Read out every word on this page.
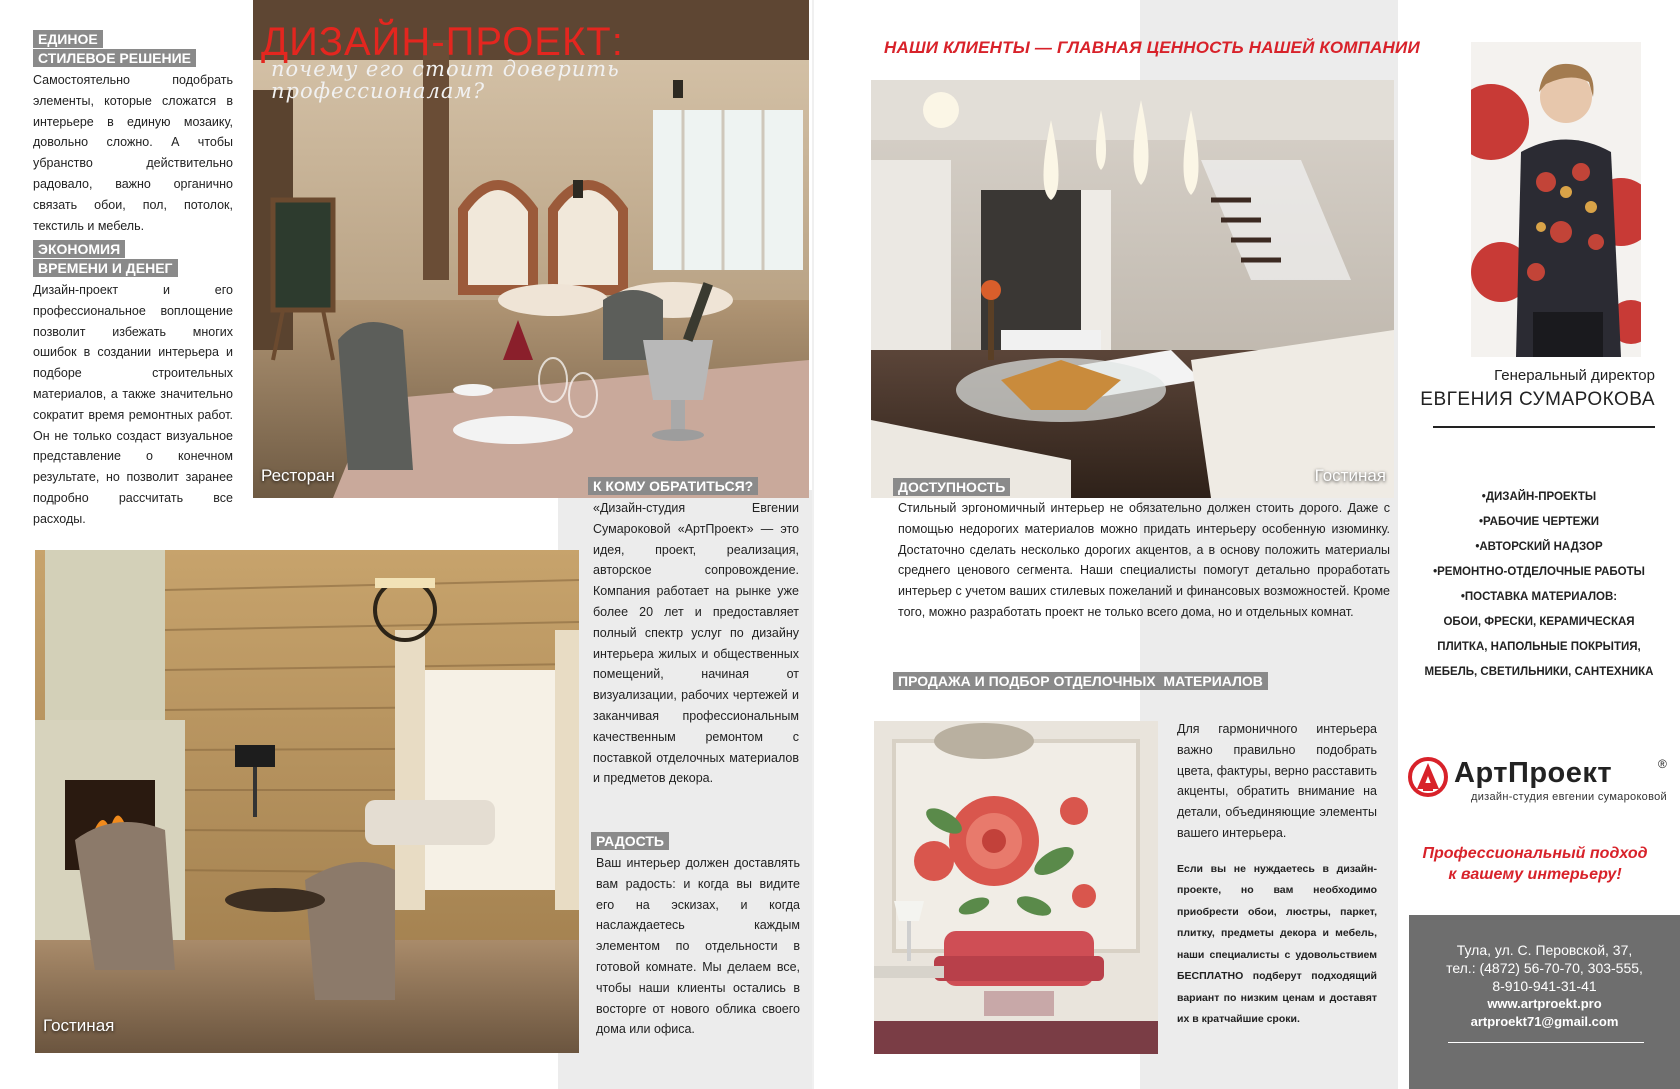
ЕДИНОЕ
СТИЛЕВОЕ РЕШЕНИЕ

Самостоятельно подобрать элементы, которые сложатся в интерьере в единую мозаику, довольно сложно. А чтобы убранство действительно радовало, важно органично связать обои, пол, потолок, текстиль и мебель.

ЭКОНОМИЯ
ВРЕМЕНИ И ДЕНЕГ

Дизайн-проект и его профессиональное воплощение позволит избежать многих ошибок в создании интерьера и подборе строительных материалов, а также значительно сократит время ремонтных работ. Он не только создаст визуальное представление о конечном результате, но позволит заранее подробно рассчитать все расходы.

ДИЗАЙН-ПРОЕКТ:
почему его стоит доверить
профессионалам?
Ресторан
Гостиная
К КОМУ ОБРАТИТЬСЯ?

«Дизайн-студия Евгении Сумароковой «АртПроект» — это идея, проект, реализация, авторское сопровождение. Компания работает на рынке уже более 20 лет и предоставляет полный спектр услуг по дизайну интерьера жилых и общественных помещений, начиная от визуализации, рабочих чертежей и заканчивая профессиональным качественным ремонтом с поставкой отделочных материалов и предметов декора.

РАДОСТЬ

Ваш интерьер должен доставлять вам радость: и когда вы видите его на эскизах, и когда наслаждаетесь каждым элементом по отдельности в готовой комнате. Мы делаем все, чтобы наши клиенты остались в восторге от нового облика своего дома или офиса.

НАШИ КЛИЕНТЫ — ГЛАВНАЯ ЦЕННОСТЬ НАШЕЙ КОМПАНИИ
Гостиная
ДОСТУПНОСТЬ

Стильный эргономичный интерьер не обязательно должен стоить дорого. Даже с помощью недорогих материалов можно придать интерьеру особенную изюминку. Достаточно сделать несколько дорогих акцентов, а в основу положить материалы среднего ценового сегмента. Наши специалисты помогут детально проработать интерьер с учетом ваших стилевых пожеланий и финансовых возможностей. Кроме того, можно разработать проект не только всего дома, но и отдельных комнат.

ПРОДАЖА И ПОДБОР ОТДЕЛОЧНЫХ  МАТЕРИАЛОВ

Для гармоничного интерьера важно правильно подобрать цвета, фактуры, верно расставить акценты, обратить внимание на детали, объединяющие элементы вашего интерьера.

Если вы не нуждаетесь в дизайн-проекте, но вам необходимо приобрести обои, люстры, паркет, плитку, предметы декора и мебель, наши специалисты с удовольствием БЕСПЛАТНО подберут подходящий вариант по низким ценам и доставят их в кратчайшие сроки.

Генеральный директор
ЕВГЕНИЯ СУМАРОКОВА
•ДИЗАЙН-ПРОЕКТЫ
•РАБОЧИЕ ЧЕРТЕЖИ
•АВТОРСКИЙ НАДЗОР
•РЕМОНТНО-ОТДЕЛОЧНЫЕ РАБОТЫ
•ПОСТАВКА МАТЕРИАЛОВ:
ОБОИ, ФРЕСКИ, КЕРАМИЧЕСКАЯ
ПЛИТКА, НАПОЛЬНЫЕ ПОКРЫТИЯ,
МЕБЕЛЬ, СВЕТИЛЬНИКИ, САНТЕХНИКА
АртПроект	®
дизайн-студия евгении сумароковой
Профессиональный подход
к вашему интерьеру!
Тула, ул. С. Перовской, 37,
тел.: (4872) 56-70-70, 303-555,
8-910-941-31-41
www.artproekt.pro
artproekt71@gmail.com
